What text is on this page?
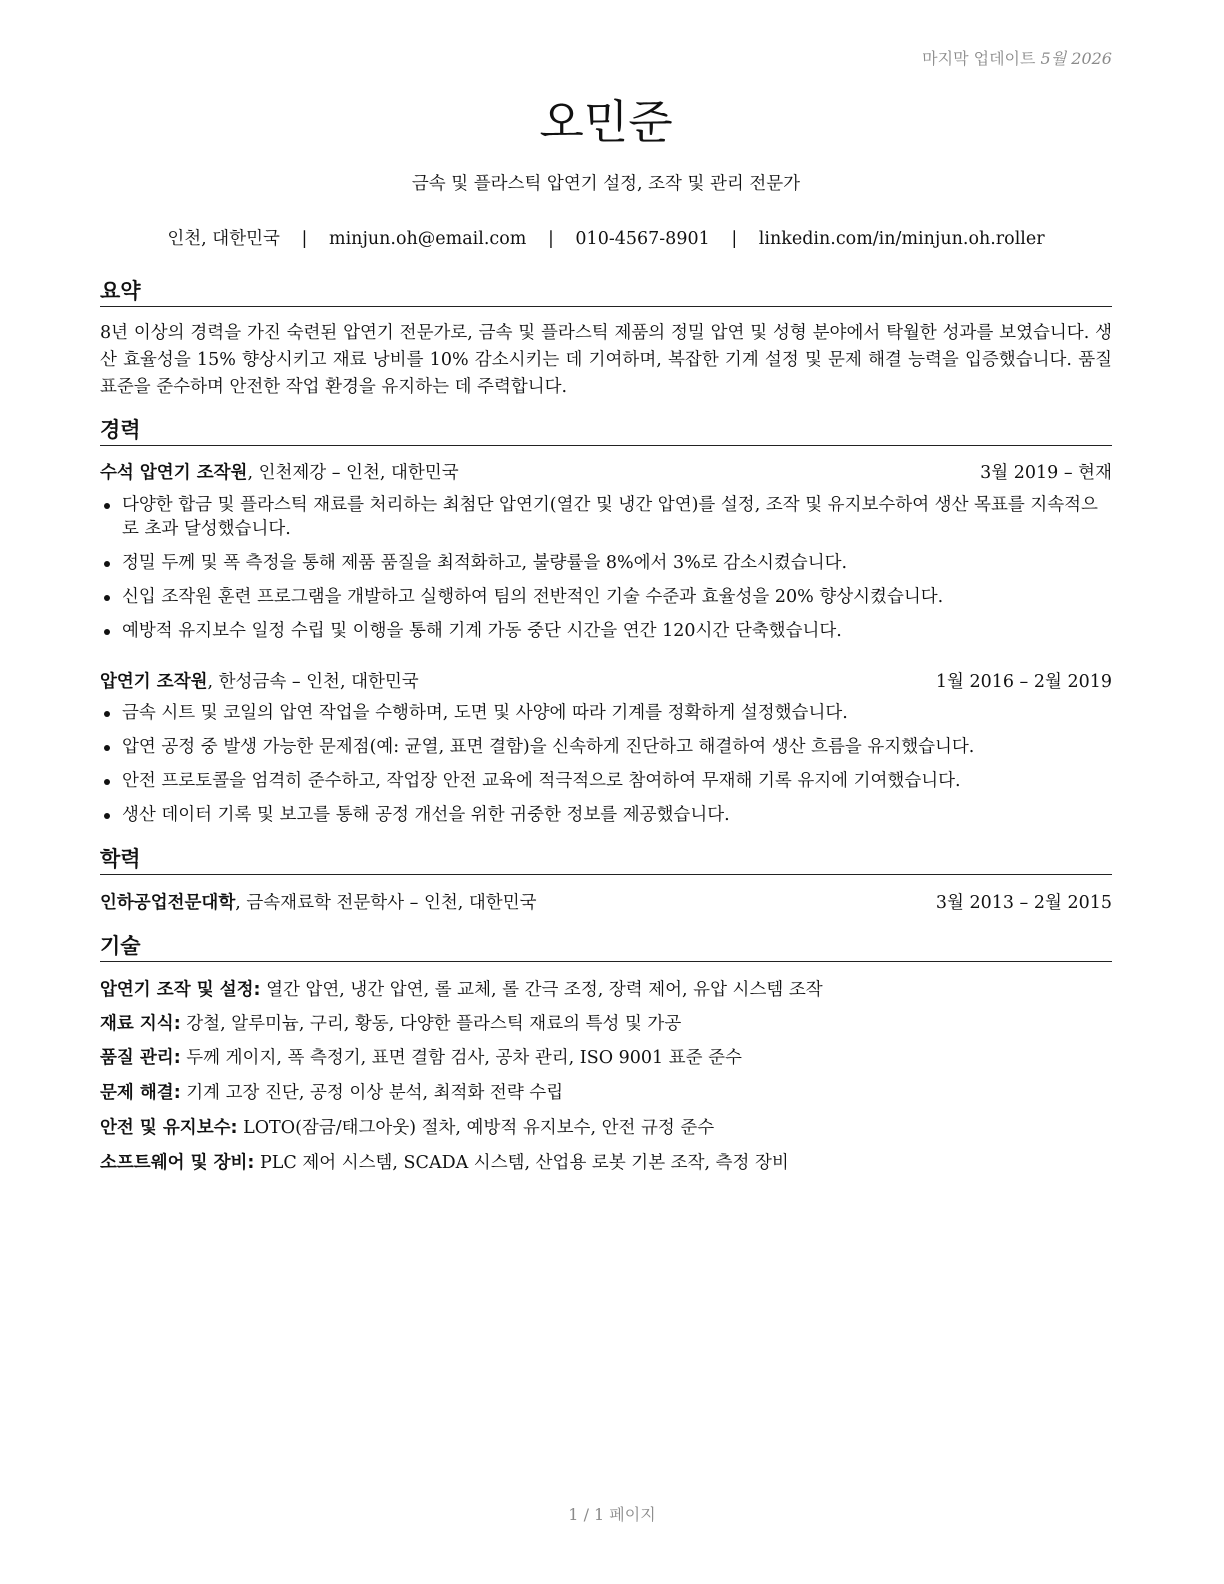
마지막 업데이트 5월 2026
오민준
금속 및 플라스틱 압연기 설정, 조작 및 관리 전문가
인천, 대한민국 | minjun.oh@email.com | 010-4567-8901 | linkedin.com/in/minjun.oh.roller
요약
8년 이상의 경력을 가진 숙련된 압연기 전문가로, 금속 및 플라스틱 제품의 정밀 압연 및 성형 분야에서 탁월한 성과를 보였습니다. 생산 효율성을 15% 향상시키고 재료 낭비를 10% 감소시키는 데 기여하며, 복잡한 기계 설정 및 문제 해결 능력을 입증했습니다. 품질 표준을 준수하며 안전한 작업 환경을 유지하는 데 주력합니다.
경력
수석 압연기 조작원, 인천제강 – 인천, 대한민국	3월 2019 – 현재
다양한 합금 및 플라스틱 재료를 처리하는 최첨단 압연기(열간 및 냉간 압연)를 설정, 조작 및 유지보수하여 생산 목표를 지속적으로 초과 달성했습니다.
정밀 두께 및 폭 측정을 통해 제품 품질을 최적화하고, 불량률을 8%에서 3%로 감소시켰습니다.
신입 조작원 훈련 프로그램을 개발하고 실행하여 팀의 전반적인 기술 수준과 효율성을 20% 향상시켰습니다.
예방적 유지보수 일정 수립 및 이행을 통해 기계 가동 중단 시간을 연간 120시간 단축했습니다.
압연기 조작원, 한성금속 – 인천, 대한민국	1월 2016 – 2월 2019
금속 시트 및 코일의 압연 작업을 수행하며, 도면 및 사양에 따라 기계를 정확하게 설정했습니다.
압연 공정 중 발생 가능한 문제점(예: 균열, 표면 결함)을 신속하게 진단하고 해결하여 생산 흐름을 유지했습니다.
안전 프로토콜을 엄격히 준수하고, 작업장 안전 교육에 적극적으로 참여하여 무재해 기록 유지에 기여했습니다.
생산 데이터 기록 및 보고를 통해 공정 개선을 위한 귀중한 정보를 제공했습니다.
학력
인하공업전문대학, 금속재료학 전문학사 – 인천, 대한민국	3월 2013 – 2월 2015
기술
압연기 조작 및 설정: 열간 압연, 냉간 압연, 롤 교체, 롤 간극 조정, 장력 제어, 유압 시스템 조작
재료 지식: 강철, 알루미늄, 구리, 황동, 다양한 플라스틱 재료의 특성 및 가공
품질 관리: 두께 게이지, 폭 측정기, 표면 결함 검사, 공차 관리, ISO 9001 표준 준수
문제 해결: 기계 고장 진단, 공정 이상 분석, 최적화 전략 수립
안전 및 유지보수: LOTO(잠금/태그아웃) 절차, 예방적 유지보수, 안전 규정 준수
소프트웨어 및 장비: PLC 제어 시스템, SCADA 시스템, 산업용 로봇 기본 조작, 측정 장비
1 / 1 페이지
